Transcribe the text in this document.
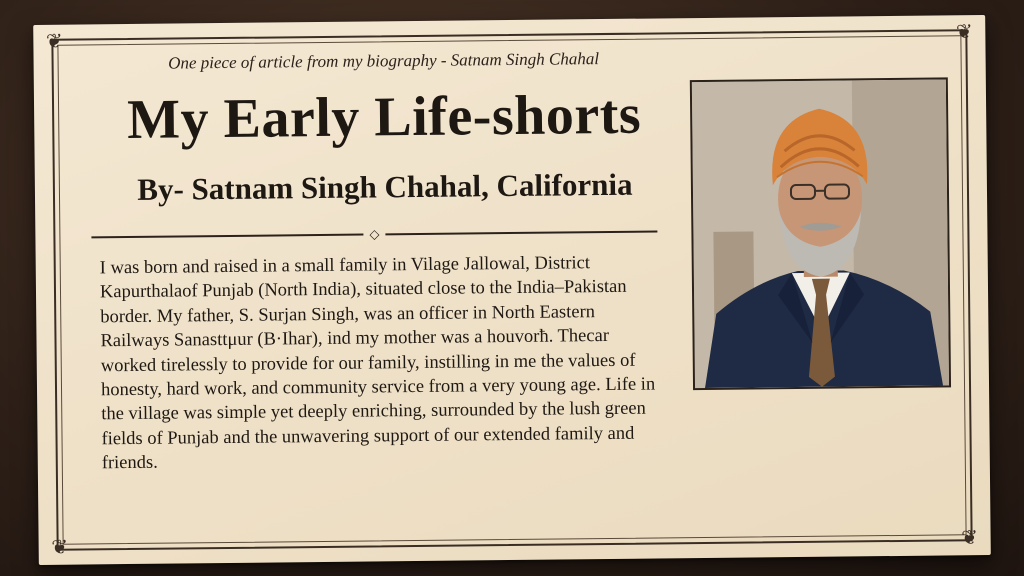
❦	❦
❦	❦
One piece of article from my biography - Satnam Singh Chahal
My Early Life-shorts
By- Satnam Singh Chahal, California
◇
I was born and raised in a small family in Vilage Jallowal, District Kapurthalaof Punjab (North India), situated close to the India–Pakistan border. My father, S. Surjan Singh, was an officer in North Eastern Railways Sanasttμur (B·Ihar), ind my mother was a houvorħ. Thecar worked tirelessly to provide for our family, instilling in me the values of honesty, hard work, and community service from a very young age. Life in the village was simple yet deeply enriching, surrounded by the lush green fields of Punjab and the unwavering support of our extended family and friends.
